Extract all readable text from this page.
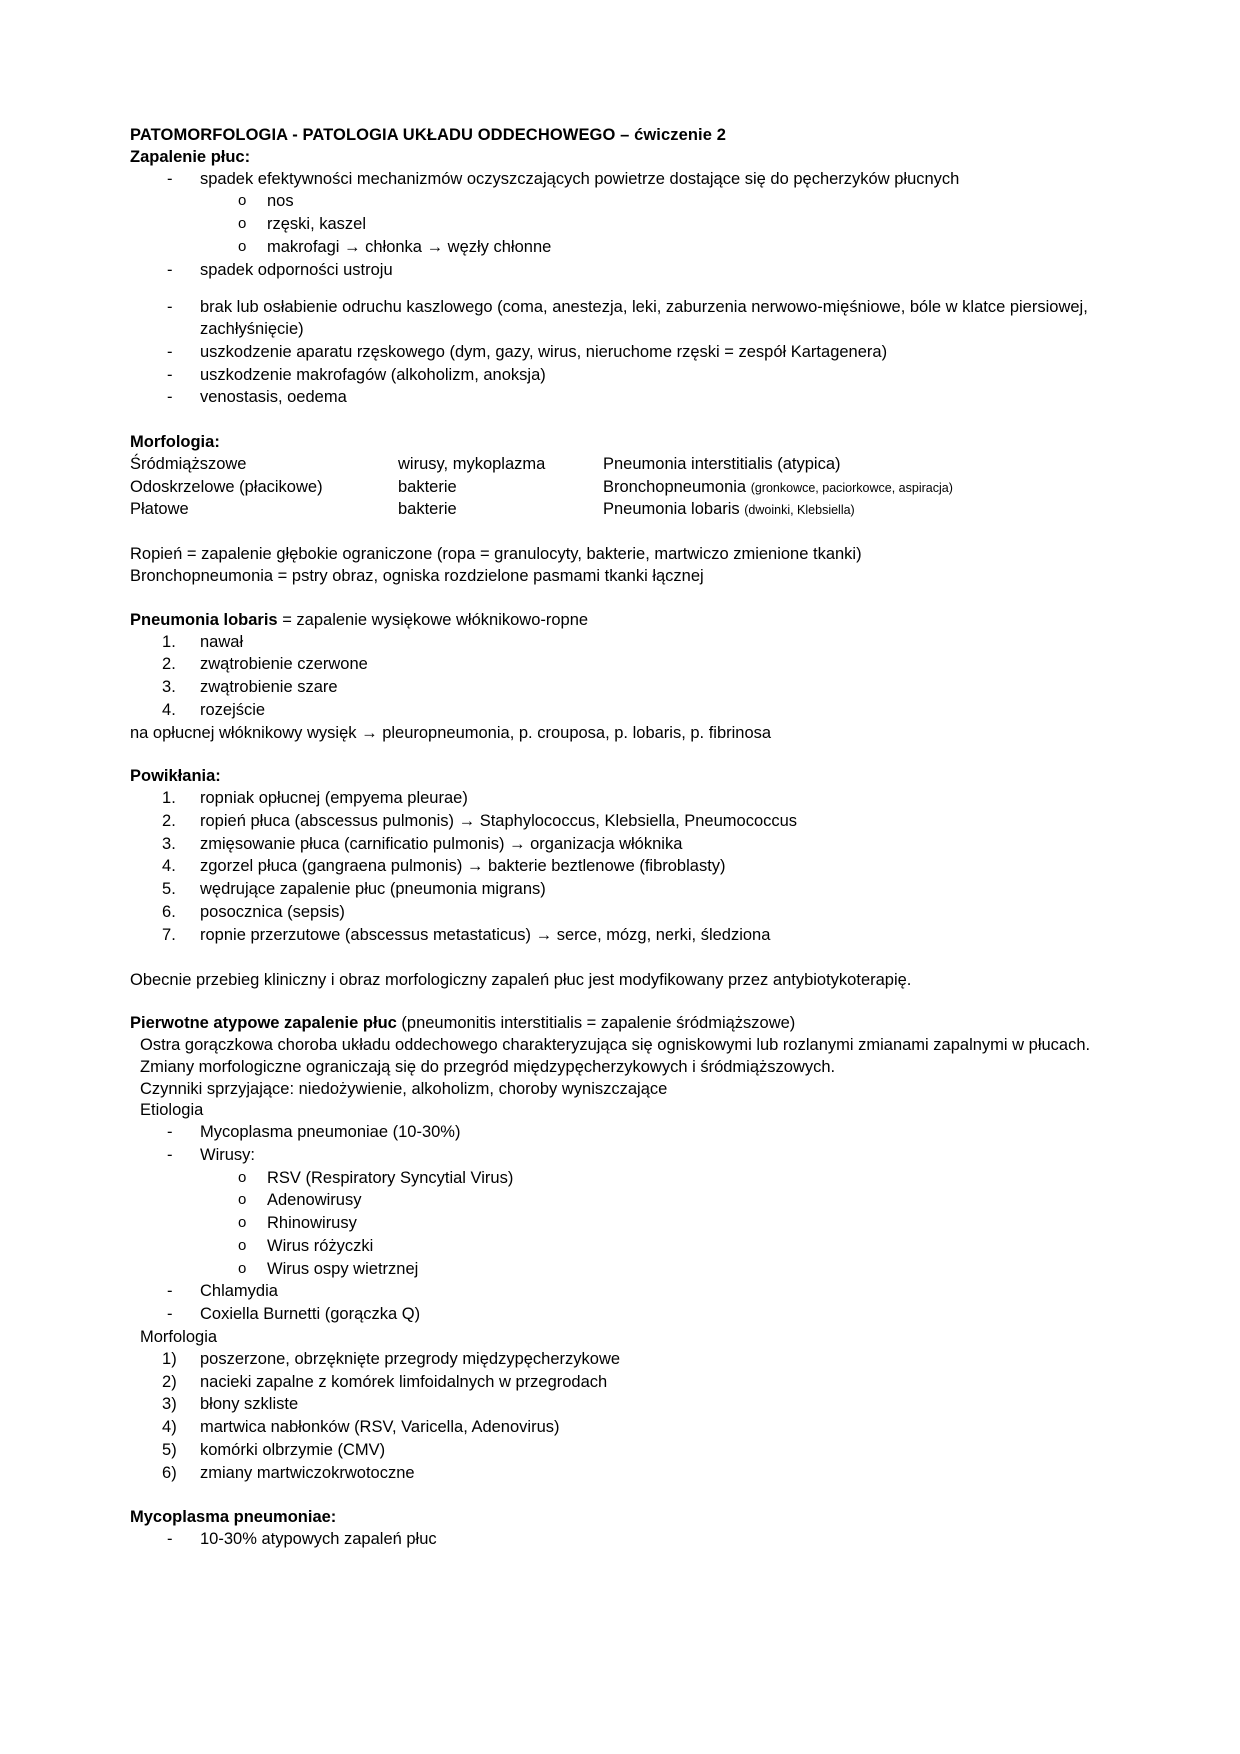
PATOMORFOLOGIA - PATOLOGIA UKŁADU ODDECHOWEGO – ćwiczenie 2

Zapalenie płuc:

- spadek efektywności mechanizmów oczyszczających powietrze dostające się do pęcherzyków płucnych
o nos
o rzęski, kaszel
o makrofagi → chłonka → węzły chłonne
- spadek odporności ustroju
- brak lub osłabienie odruchu kaszlowego (coma, anestezja, leki, zaburzenia nerwowo-mięśniowe, bóle w klatce piersiowej, zachłyśnięcie)
- uszkodzenie aparatu rzęskowego (dym, gazy, wirus, nieruchome rzęski = zespół Kartagenera)
- uszkodzenie makrofagów (alkoholizm, anoksja)
- venostasis, oedema

Morfologia:

Śródmiąższowe	wirusy, mykoplazma	Pneumonia interstitialis (atypica)
Odoskrzelowe (płacikowe)	bakterie	Bronchopneumonia (gronkowce, paciorkowce, aspiracja)
Płatowe	bakterie	Pneumonia lobaris (dwoinki, Klebsiella)

Ropień = zapalenie głębokie ograniczone (ropa = granulocyty, bakterie, martwiczo zmienione tkanki)

Bronchopneumonia = pstry obraz, ogniska rozdzielone pasmami tkanki łącznej

Pneumonia lobaris = zapalenie wysiękowe włóknikowo-ropne

nawał
zwątrobienie czerwone
zwątrobienie szare
rozejście

na opłucnej włóknikowy wysięk → pleuropneumonia, p. crouposa, p. lobaris, p. fibrinosa

Powikłania:

ropniak opłucnej (empyema pleurae)
ropień płuca (abscessus pulmonis) → Staphylococcus, Klebsiella, Pneumococcus
zmięsowanie płuca (carnificatio pulmonis) → organizacja włóknika
zgorzel płuca (gangraena pulmonis) → bakterie beztlenowe (fibroblasty)
wędrujące zapalenie płuc (pneumonia migrans)
posocznica (sepsis)
ropnie przerzutowe (abscessus metastaticus) → serce, mózg, nerki, śledziona

Obecnie przebieg kliniczny i obraz morfologiczny zapaleń płuc jest modyfikowany przez antybiotykoterapię.

Pierwotne atypowe zapalenie płuc (pneumonitis interstitialis = zapalenie śródmiąższowe)

Ostra gorączkowa choroba układu oddechowego charakteryzująca się ogniskowymi lub rozlanymi zmianami zapalnymi w płucach. Zmiany morfologiczne ograniczają się do przegród międzypęcherzykowych i śródmiąższowych.

Czynniki sprzyjające: niedożywienie, alkoholizm, choroby wyniszczające

Etiologia

- Mycoplasma pneumoniae (10-30%)
- Wirusy:
o RSV (Respiratory Syncytial Virus)
o Adenowirusy
o Rhinowirusy
o Wirus różyczki
o Wirus ospy wietrznej
- Chlamydia
- Coxiella Burnetti (gorączka Q)

Morfologia

poszerzone, obrzęknięte przegrody międzypęcherzykowe
nacieki zapalne z komórek limfoidalnych w przegrodach
błony szkliste
martwica nabłonków (RSV, Varicella, Adenovirus)
komórki olbrzymie (CMV)
zmiany martwiczokrwotoczne

Mycoplasma pneumoniae:

- 10-30% atypowych zapaleń płuc
